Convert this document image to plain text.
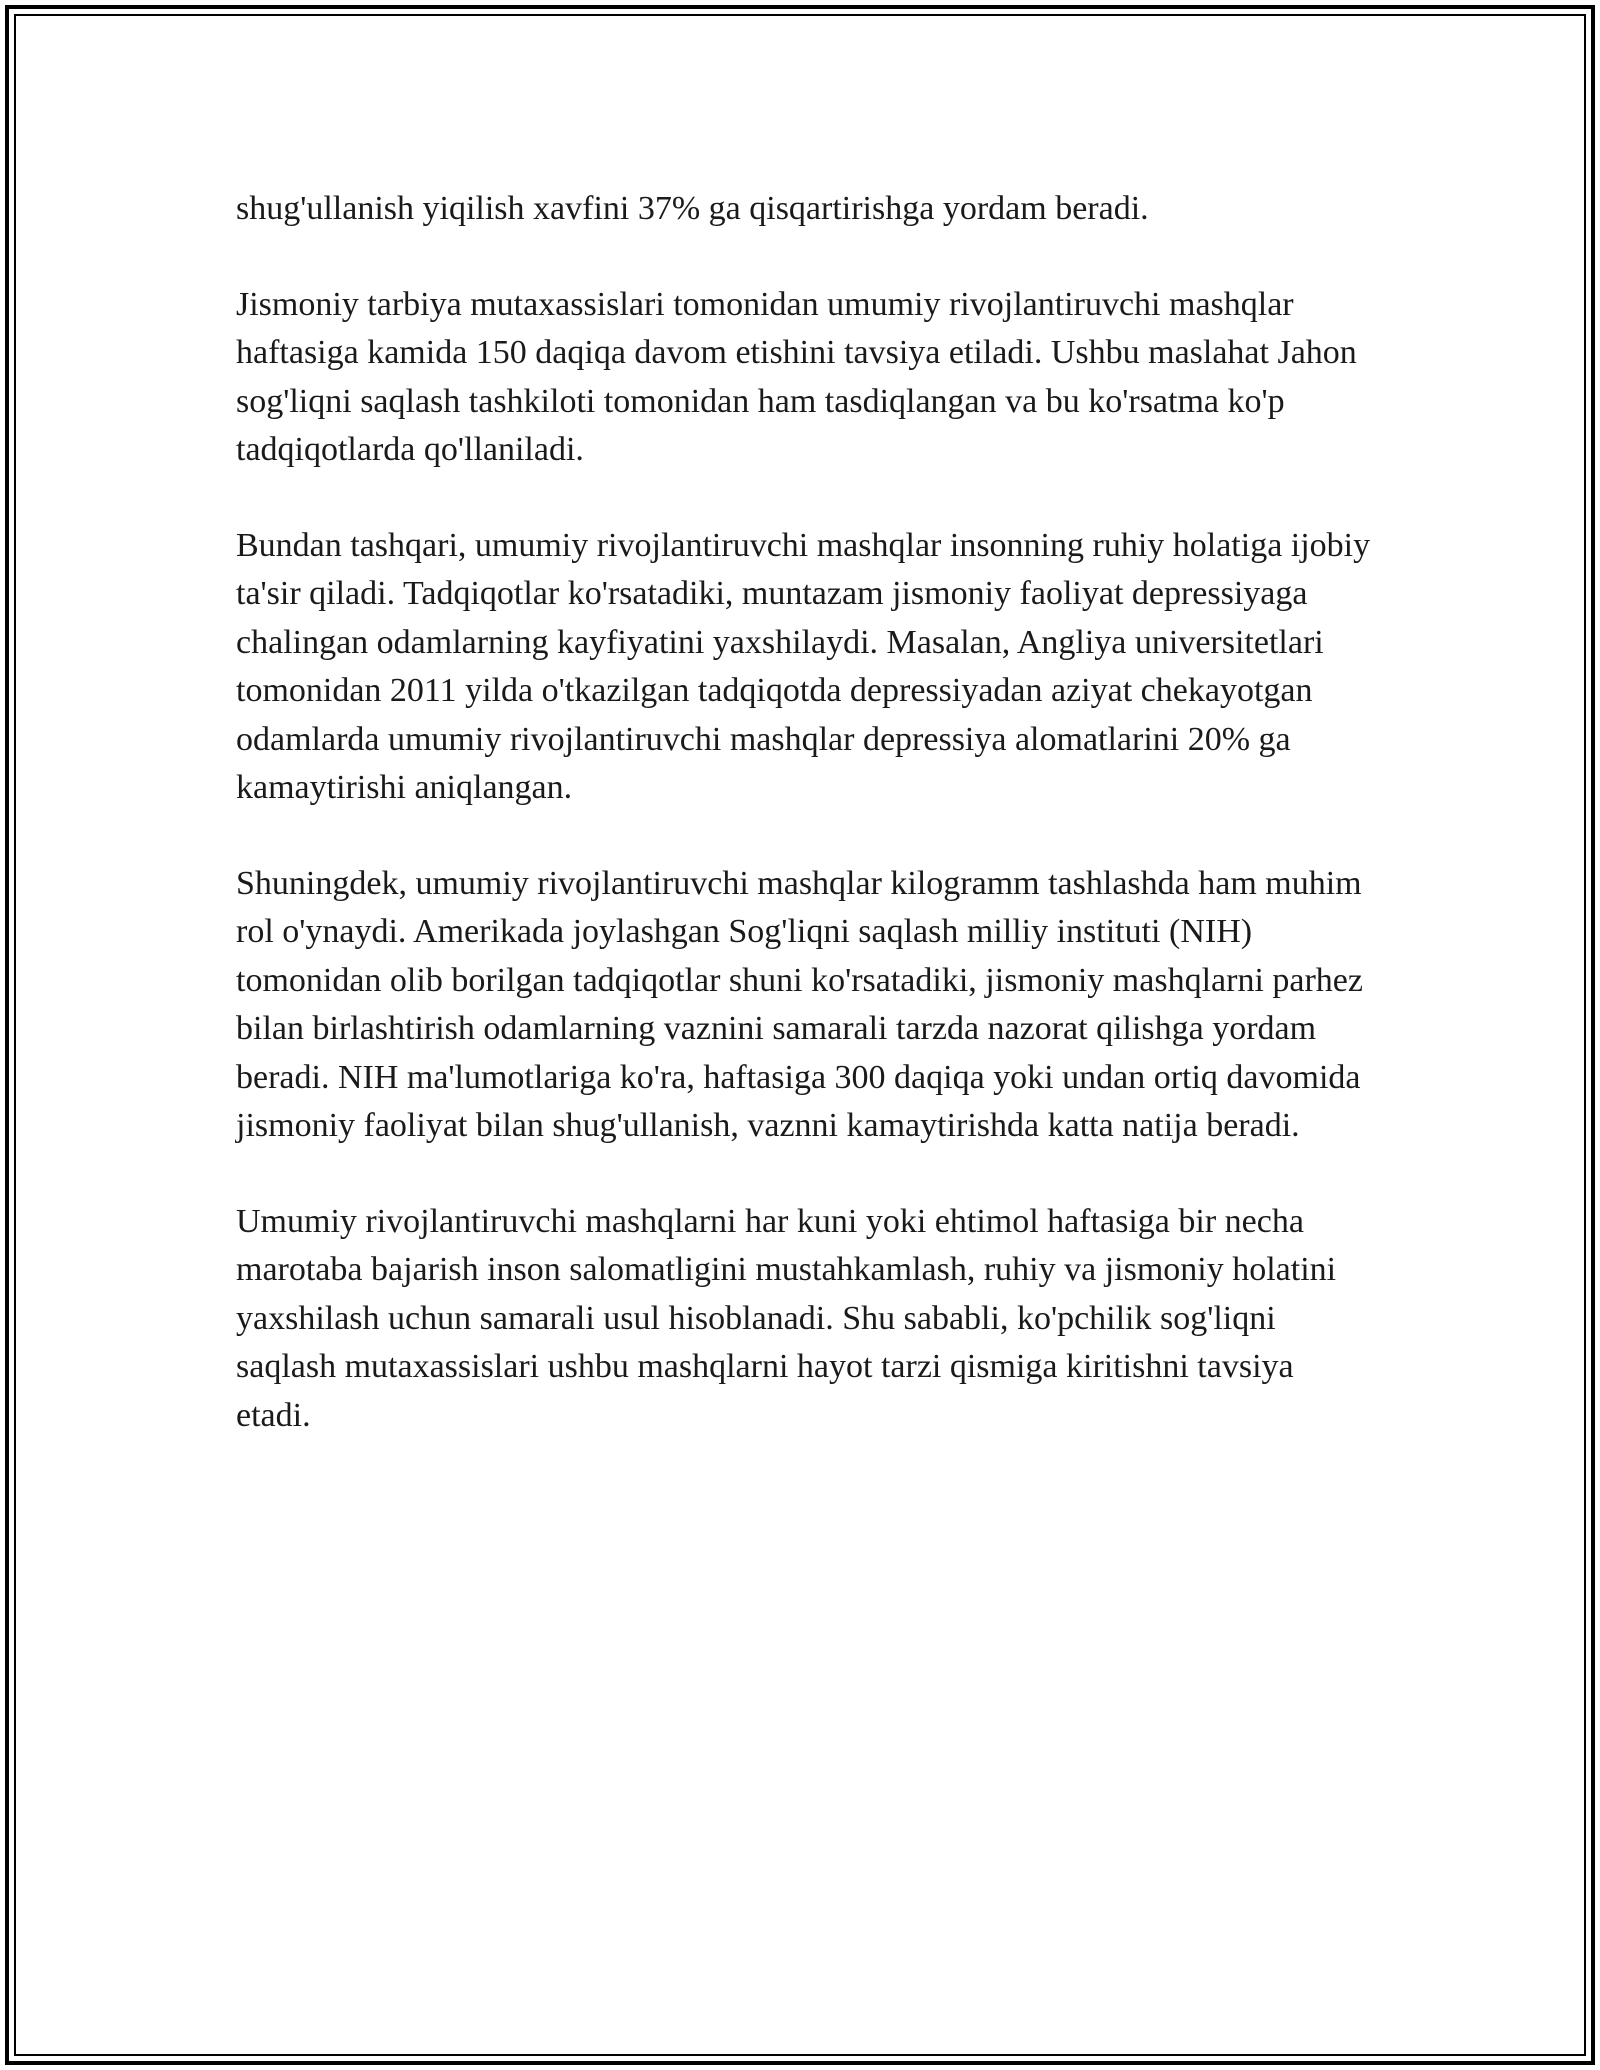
shug'ullanish yiqilish xavfini 37% ga qisqartirishga yordam beradi.

Jismoniy tarbiya mutaxassislari tomonidan umumiy rivojlantiruvchi mashqlar haftasiga kamida 150 daqiqa davom etishini tavsiya etiladi. Ushbu maslahat Jahon sog'liqni saqlash tashkiloti tomonidan ham tasdiqlangan va bu ko'rsatma ko'p tadqiqotlarda qo'llaniladi.

Bundan tashqari, umumiy rivojlantiruvchi mashqlar insonning ruhiy holatiga ijobiy ta'sir qiladi. Tadqiqotlar ko'rsatadiki, muntazam jismoniy faoliyat depressiyaga chalingan odamlarning kayfiyatini yaxshilaydi. Masalan, Angliya universitetlari tomonidan 2011 yilda o'tkazilgan tadqiqotda depressiyadan aziyat chekayotgan odamlarda umumiy rivojlantiruvchi mashqlar depressiya alomatlarini 20% ga kamaytirishi aniqlangan.

Shuningdek, umumiy rivojlantiruvchi mashqlar kilogramm tashlashda ham muhim rol o'ynaydi. Amerikada joylashgan Sog'liqni saqlash milliy instituti (NIH) tomonidan olib borilgan tadqiqotlar shuni ko'rsatadiki, jismoniy mashqlarni parhez bilan birlashtirish odamlarning vaznini samarali tarzda nazorat qilishga yordam beradi. NIH ma'lumotlariga ko'ra, haftasiga 300 daqiqa yoki undan ortiq davomida jismoniy faoliyat bilan shug'ullanish, vaznni kamaytirishda katta natija beradi.

Umumiy rivojlantiruvchi mashqlarni har kuni yoki ehtimol haftasiga bir necha marotaba bajarish inson salomatligini mustahkamlash, ruhiy va jismoniy holatini yaxshilash uchun samarali usul hisoblanadi. Shu sababli, ko'pchilik sog'liqni saqlash mutaxassislari ushbu mashqlarni hayot tarzi qismiga kiritishni tavsiya etadi.
